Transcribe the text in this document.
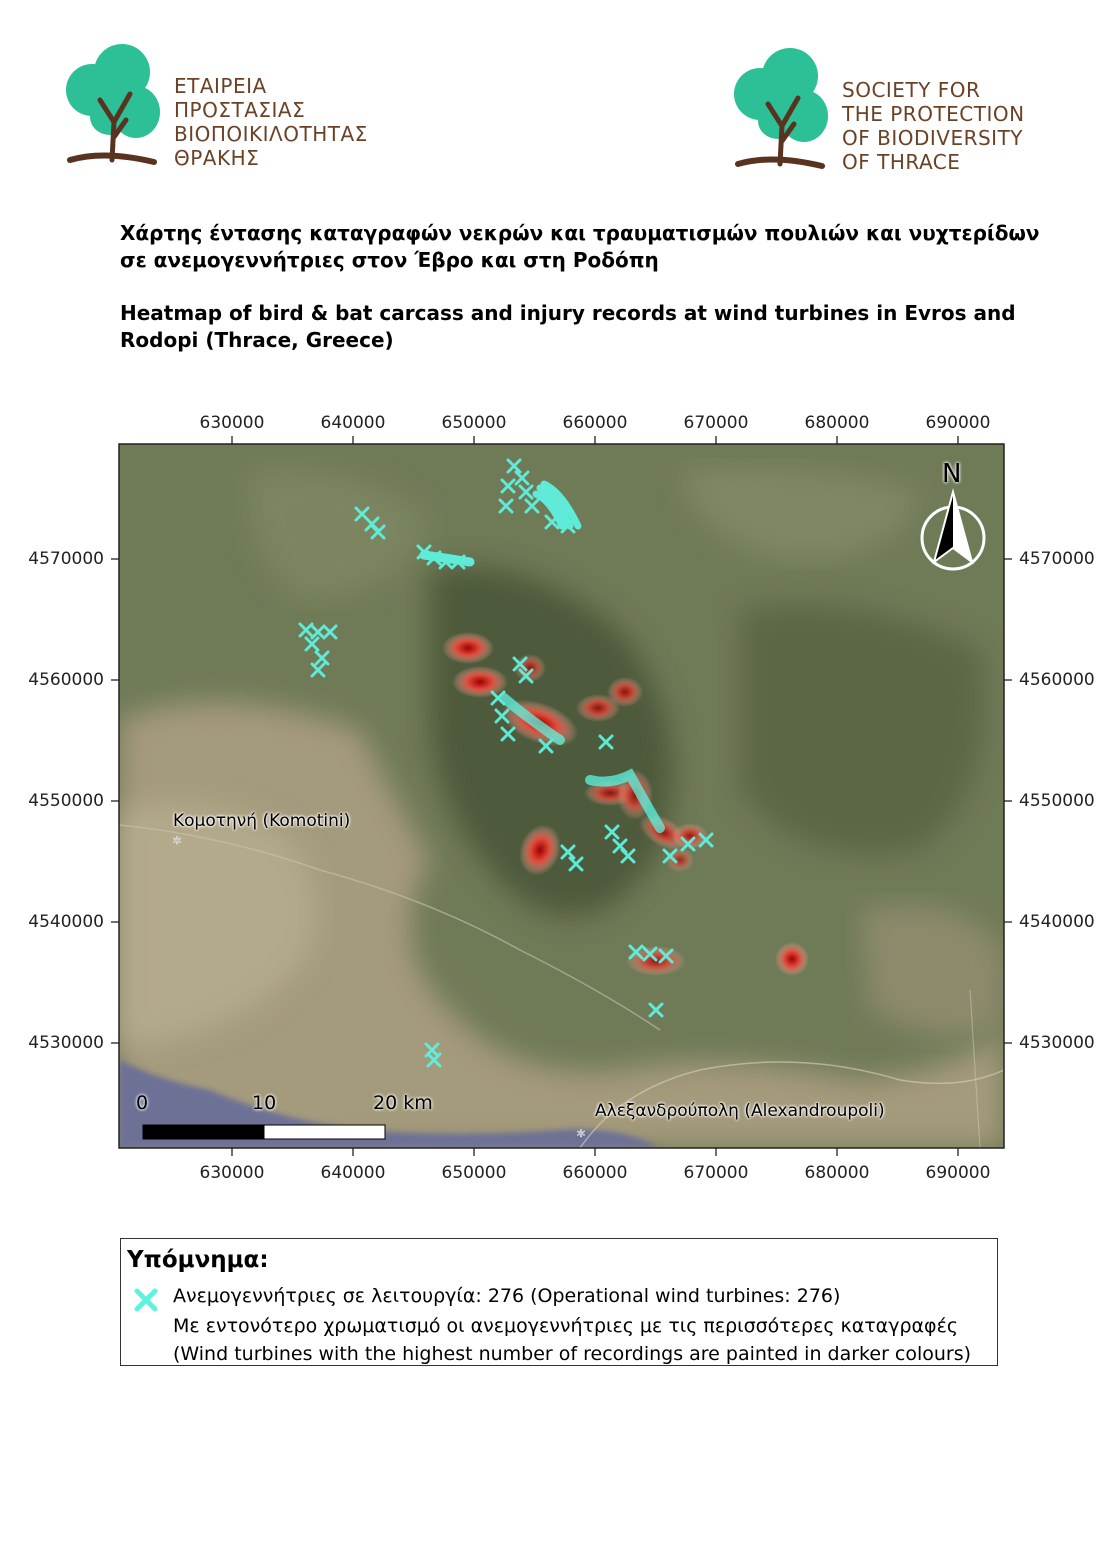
ΕΤΑΙΡΕΙΑ
ΠΡΟΣΤΑΣΙΑΣ
ΒΙΟΠΟΙΚΙΛΟΤΗΤΑΣ
ΘΡΑΚΗΣ
SOCIETY FOR
THE PROTECTION
OF BIODIVERSITY
OF THRACE
Χάρτης έντασης καταγραφών νεκρών και τραυματισμών πουλιών και νυχτερίδων
σε ανεμογεννήτριες στον Έβρο και στη Ροδόπη
Heatmap of bird & bat carcass and injury records at wind turbines in Evros and
Rodopi (Thrace, Greece)
630000	640000	650000	660000	670000	680000	690000
630000	640000	650000	660000	670000	680000	690000
4570000
4560000
4550000
4540000
4530000
4570000
4560000
4550000
4540000
4530000
*
*
N
Κομοτηνή (Komotini)
Αλεξανδρούπολη (Alexandroupoli)
0	10	20 km
Υπόμνημα:
Ανεμογεννήτριες σε λειτουργία: 276 (Operational wind turbines: 276)
Με εντονότερο χρωματισμό οι ανεμογεννήτριες με τις περισσότερες καταγραφές
(Wind turbines with the highest number of recordings are painted in darker colours)
